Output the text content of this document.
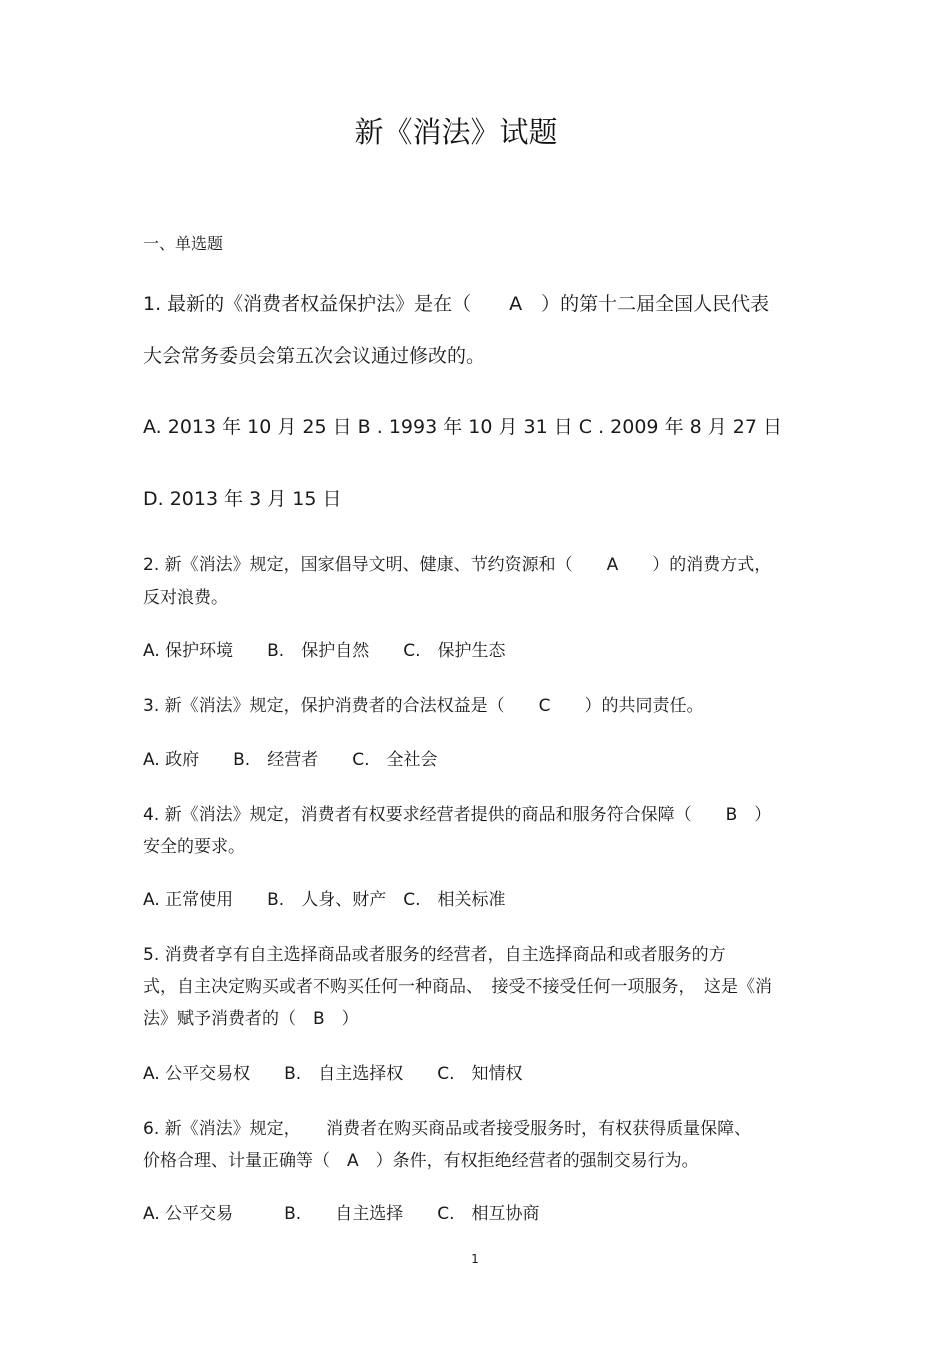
新《消法》试题
一、单选题
1. 最新的《消费者权益保护法》是在（　　A　）的第十二届全国人民代表
大会常务委员会第五次会议通过修改的。
A. 2013 年 10 月 25 日 B . 1993 年 10 月 31 日 C . 2009 年 8 月 27 日
D. 2013 年 3 月 15 日
2. 新《消法》规定，国家倡导文明、健康、节约资源和（　　A　　）的消费方式，
反对浪费。
A. 保护环境　　B.　保护自然　　C.　保护生态
3. 新《消法》规定，保护消费者的合法权益是（　　C　　）的共同责任。
A. 政府　　B.　经营者　　C.　全社会
4. 新《消法》规定，消费者有权要求经营者提供的商品和服务符合保障（　　B　）
安全的要求。
A. 正常使用　　B.　人身、财产　C.　相关标准
5. 消费者享有自主选择商品或者服务的经营者，自主选择商品和或者服务的方
式，自主决定购买或者不购买任何一种商品、　接受不接受任何一项服务，　这是《消
法》赋予消费者的（　B　）
A. 公平交易权　　B.　自主选择权　　C.　知情权
6. 新《消法》规定，　　消费者在购买商品或者接受服务时，有权获得质量保障、
价格合理、计量正确等（　A　）条件，有权拒绝经营者的强制交易行为。
A. 公平交易　　　B.　　自主选择　　C.　相互协商
1
